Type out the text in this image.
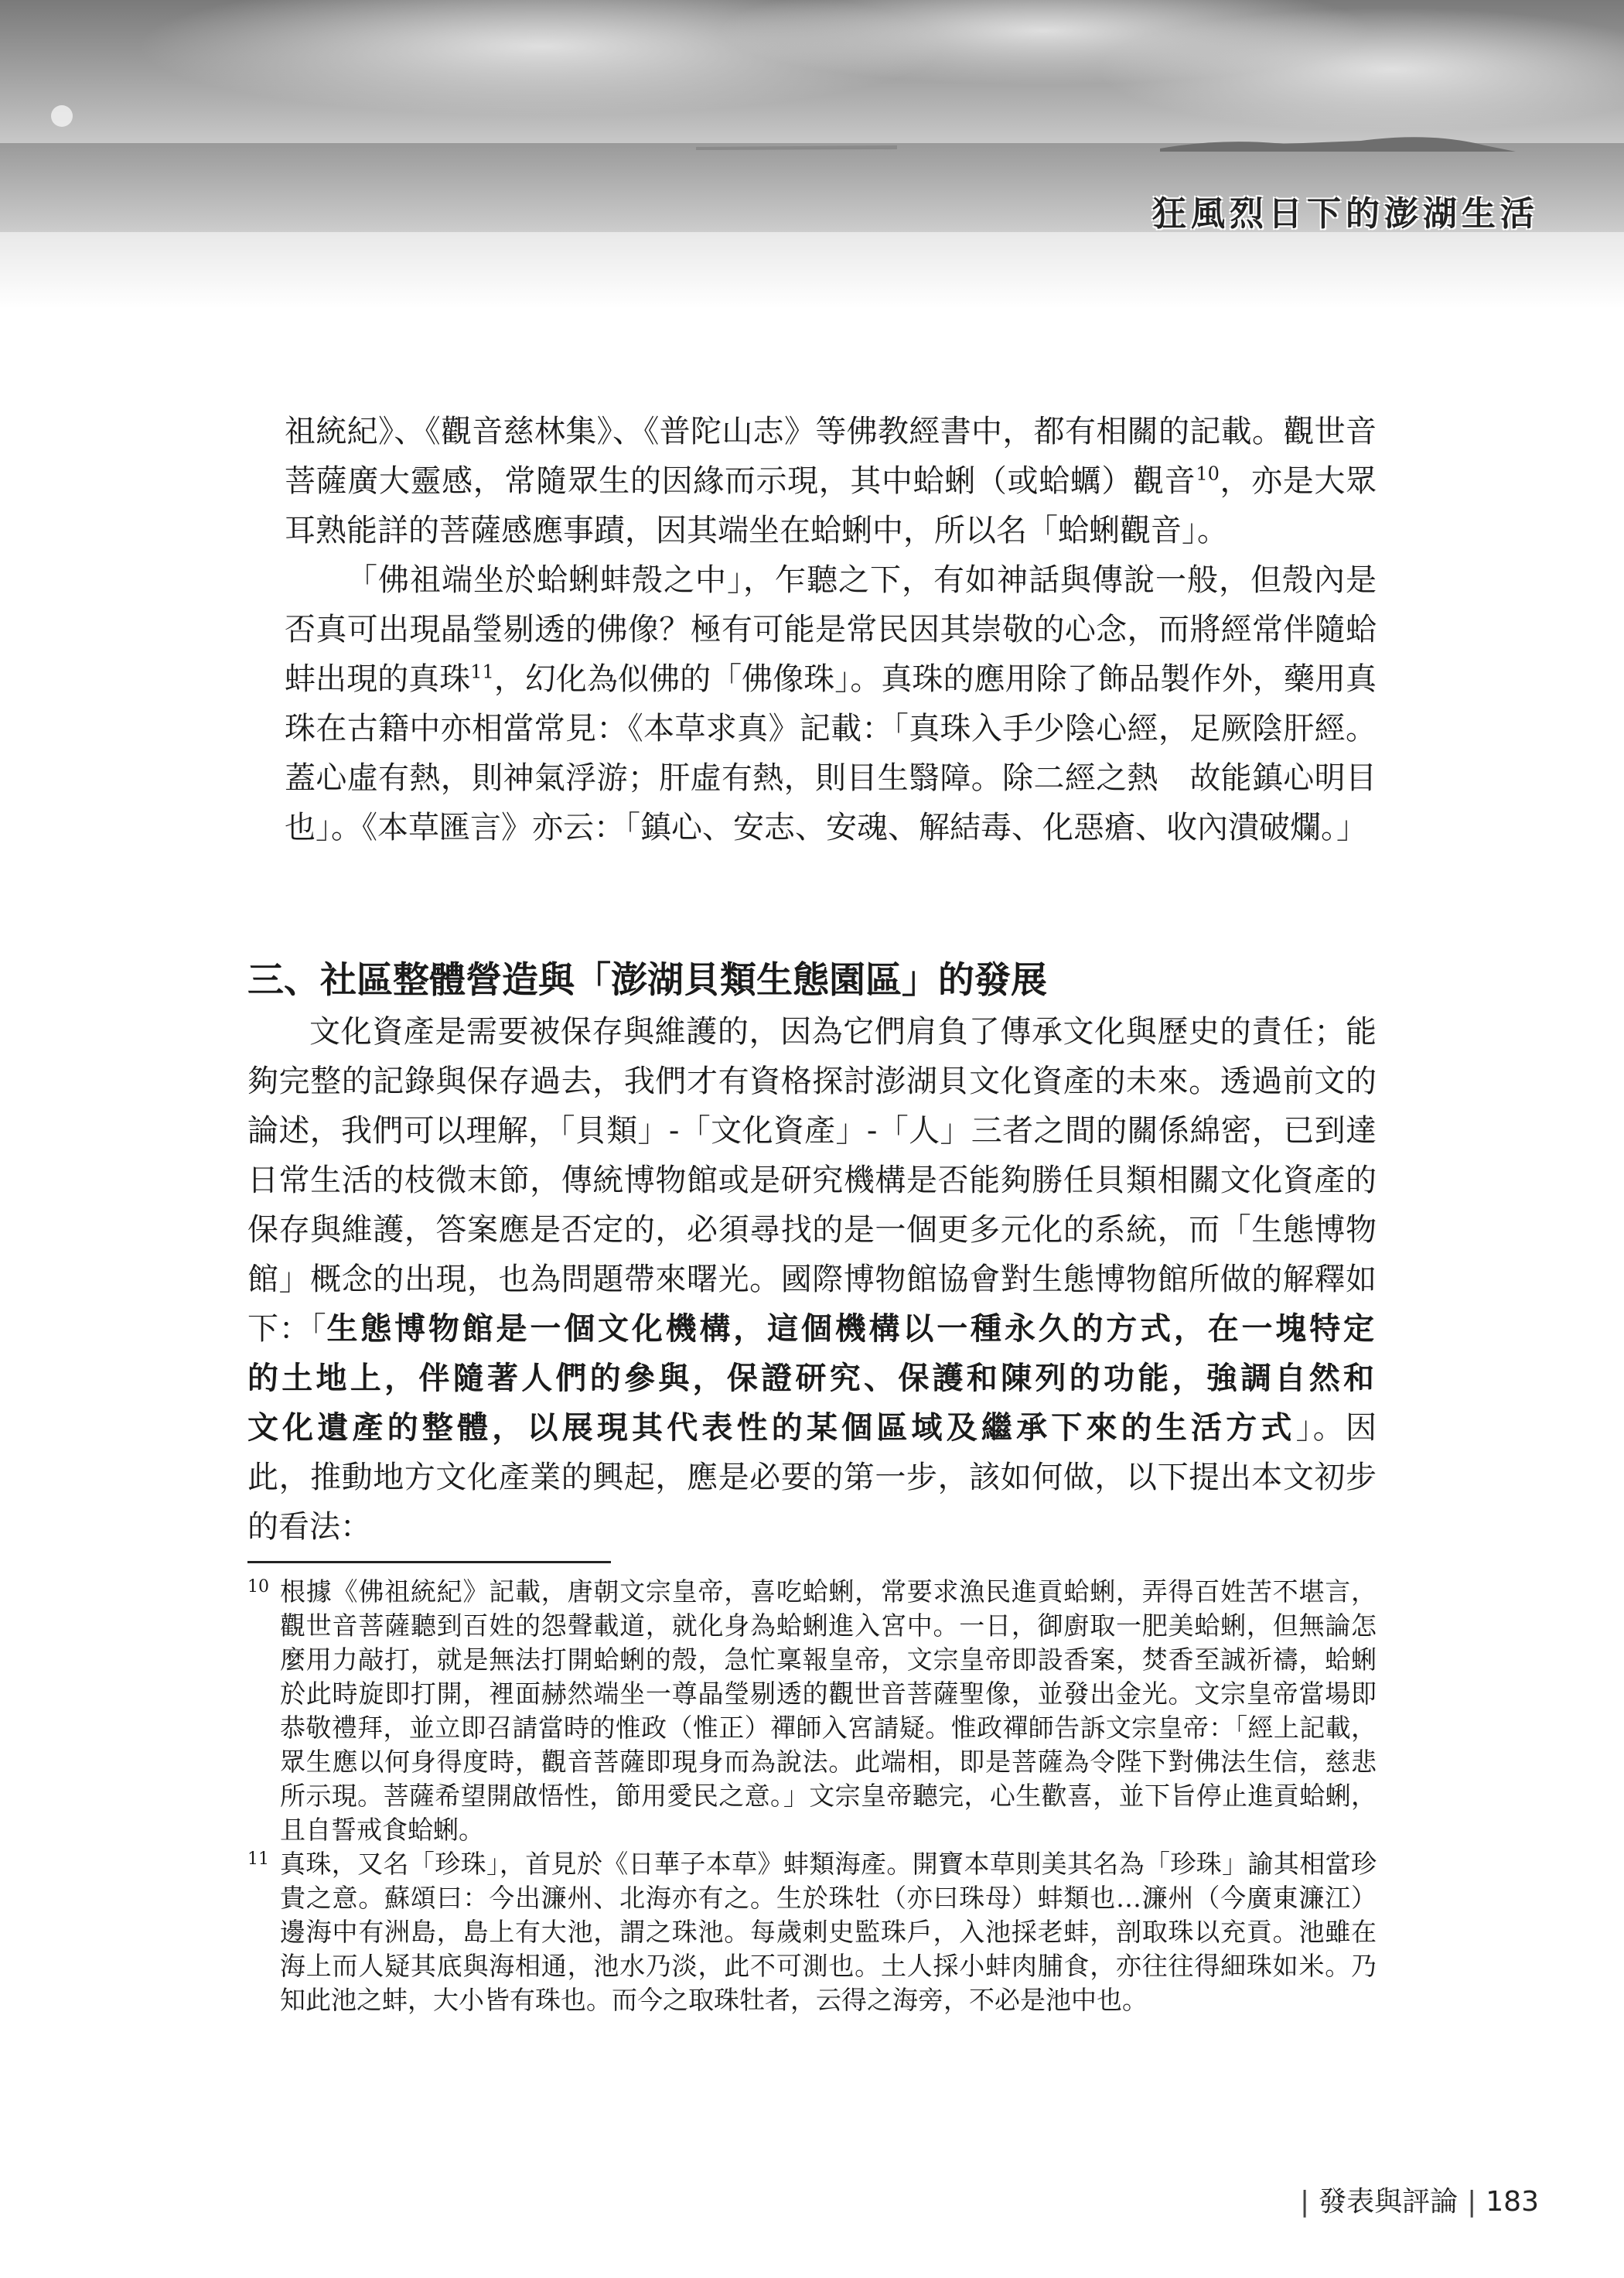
狂風烈日下的澎湖生活

祖統紀》、《觀音慈林集》、《普陀山志》等佛教經書中，都有相關的記載。觀世音菩薩廣大靈感，常隨眾生的因緣而示現，其中蛤蜊（或蛤蠣）觀音$^{10}$，亦是大眾耳熟能詳的菩薩感應事蹟，因其端坐在蛤蜊中，所以名「蛤蜊觀音」。

「佛祖端坐於蛤蜊蚌殼之中」，乍聽之下，有如神話與傳說一般，但殼內是否真可出現晶瑩剔透的佛像？極有可能是常民因其崇敬的心念，而將經常伴隨蛤蚌出現的真珠$^{11}$，幻化為似佛的「佛像珠」。真珠的應用除了飾品製作外，藥用真珠在古籍中亦相當常見：《本草求真》記載：「真珠入手少陰心經，足厥陰肝經。蓋心虛有熱，則神氣浮游；肝虛有熱，則目生翳障。除二經之熱　故能鎮心明目也」。《本草匯言》亦云：「鎮心、安志、安魂、解結毒、化惡瘡、收內潰破爛。」

三、社區整體營造與「澎湖貝類生態園區」的發展

文化資產是需要被保存與維護的，因為它們肩負了傳承文化與歷史的責任；能夠完整的記錄與保存過去，我們才有資格探討澎湖貝文化資產的未來。透過前文的論述，我們可以理解，「貝類」-「文化資產」-「人」三者之間的關係綿密，已到達日常生活的枝微末節，傳統博物館或是研究機構是否能夠勝任貝類相關文化資產的保存與維護，答案應是否定的，必須尋找的是一個更多元化的系統，而「生態博物館」概念的出現，也為問題帶來曙光。國際博物館協會對生態博物館所做的解釋如下：「生態博物館是一個文化機構，這個機構以一種永久的方式，在一塊特定的土地上，伴隨著人們的參與，保證研究、保護和陳列的功能，強調自然和文化遺產的整體，以展現其代表性的某個區域及繼承下來的生活方式」。因此，推動地方文化產業的興起，應是必要的第一步，該如何做，以下提出本文初步的看法：

10 根據《佛祖統紀》記載，唐朝文宗皇帝，喜吃蛤蜊，常要求漁民進貢蛤蜊，弄得百姓苦不堪言，觀世音菩薩聽到百姓的怨聲載道，就化身為蛤蜊進入宮中。一日，御廚取一肥美蛤蜊，但無論怎麼用力敲打，就是無法打開蛤蜊的殼，急忙稟報皇帝，文宗皇帝即設香案，焚香至誠祈禱，蛤蜊於此時旋即打開，裡面赫然端坐一尊晶瑩剔透的觀世音菩薩聖像，並發出金光。文宗皇帝當場即恭敬禮拜，並立即召請當時的惟政（惟正）禪師入宮請疑。惟政禪師告訴文宗皇帝：「經上記載，眾生應以何身得度時，觀音菩薩即現身而為說法。此端相，即是菩薩為令陛下對佛法生信，慈悲所示現。菩薩希望開啟悟性，節用愛民之意。」文宗皇帝聽完，心生歡喜，並下旨停止進貢蛤蜊，且自誓戒食蛤蜊。

11 真珠，又名「珍珠」，首見於《日華子本草》蚌類海產。開寶本草則美其名為「珍珠」諭其相當珍貴之意。蘇頌曰：今出濂州、北海亦有之。生於珠牡（亦曰珠母）蚌類也…濂州（今廣東濂江）邊海中有洲島，島上有大池，謂之珠池。每歲刺史監珠戶，入池採老蚌，剖取珠以充貢。池雖在海上而人疑其底與海相通，池水乃淡，此不可測也。土人採小蚌肉脯食，亦往往得細珠如米。乃知此池之蚌，大小皆有珠也。而今之取珠牡者，云得之海旁，不必是池中也。

| 發表與評論 | 183
